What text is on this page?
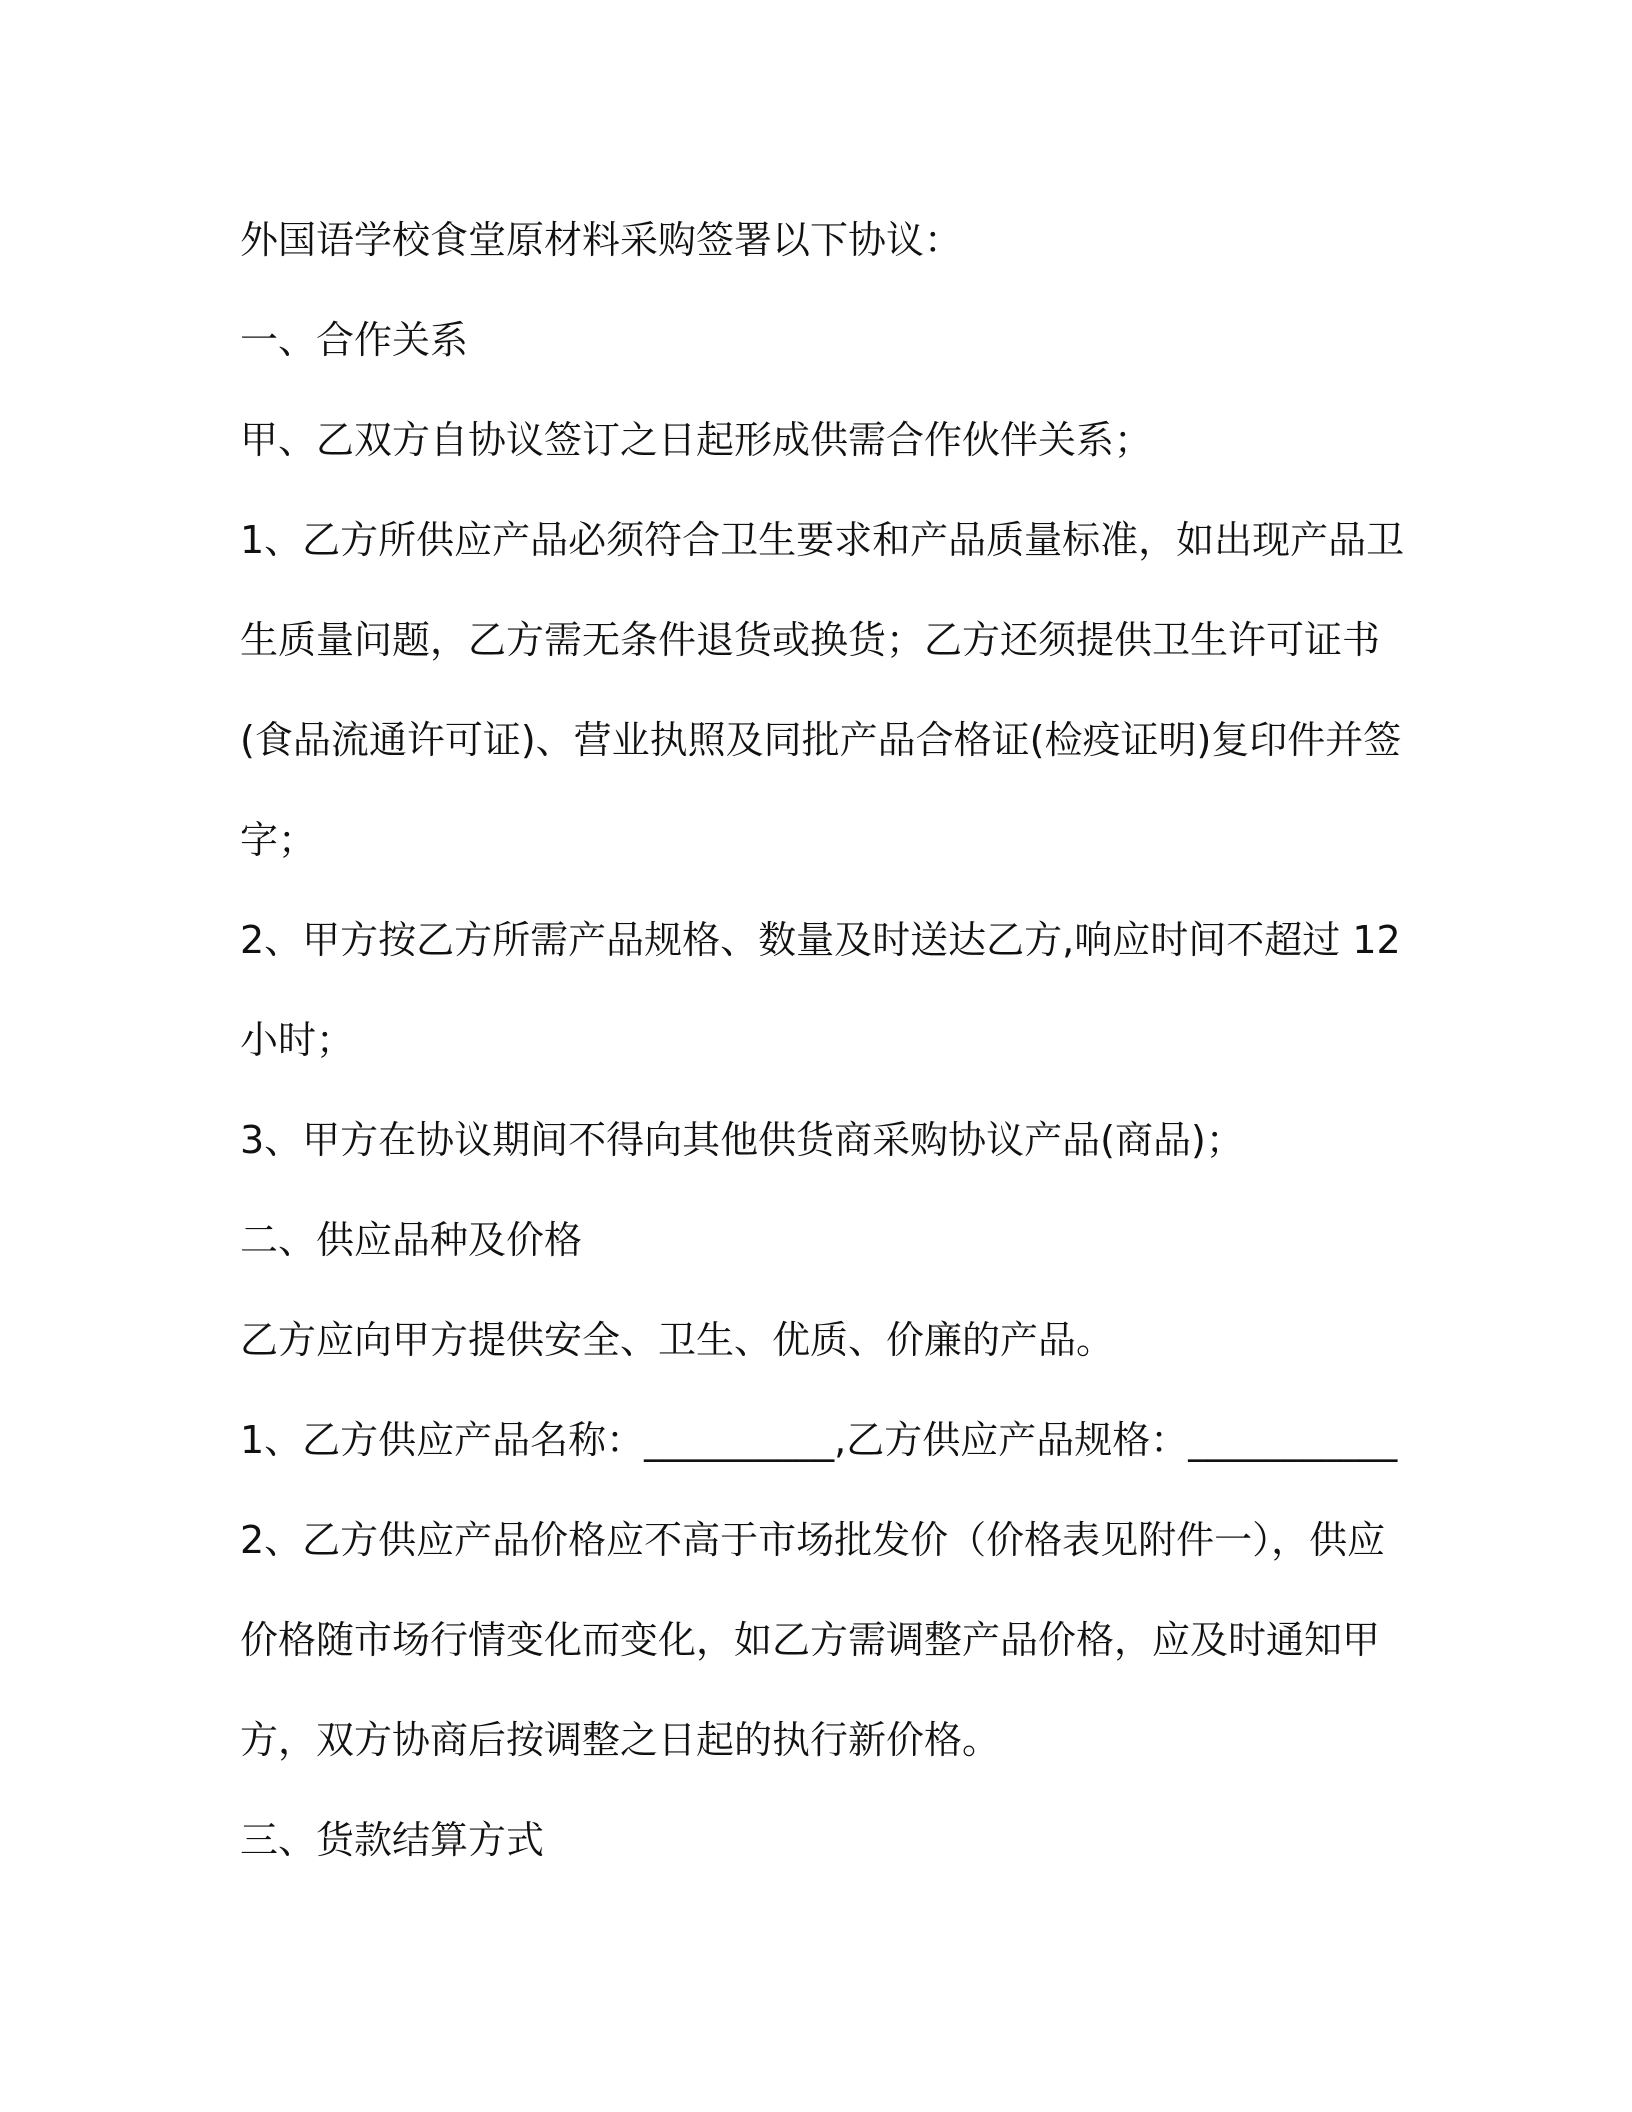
外国语学校食堂原材料采购签署以下协议：
一、合作关系
甲、乙双方自协议签订之日起形成供需合作伙伴关系；
1、乙方所供应产品必须符合卫生要求和产品质量标准，如出现产品卫
生质量问题，乙方需无条件退货或换货；乙方还须提供卫生许可证书
(食品流通许可证)、营业执照及同批产品合格证(检疫证明)复印件并签
字；
2、甲方按乙方所需产品规格、数量及时送达乙方,响应时间不超过 12
小时；
3、甲方在协议期间不得向其他供货商采购协议产品(商品)；
二、供应品种及价格
乙方应向甲方提供安全、卫生、优质、价廉的产品。
1、乙方供应产品名称：__________,乙方供应产品规格：___________
2、乙方供应产品价格应不高于市场批发价（价格表见附件一），供应
价格随市场行情变化而变化，如乙方需调整产品价格，应及时通知甲
方，双方协商后按调整之日起的执行新价格。
三、货款结算方式
